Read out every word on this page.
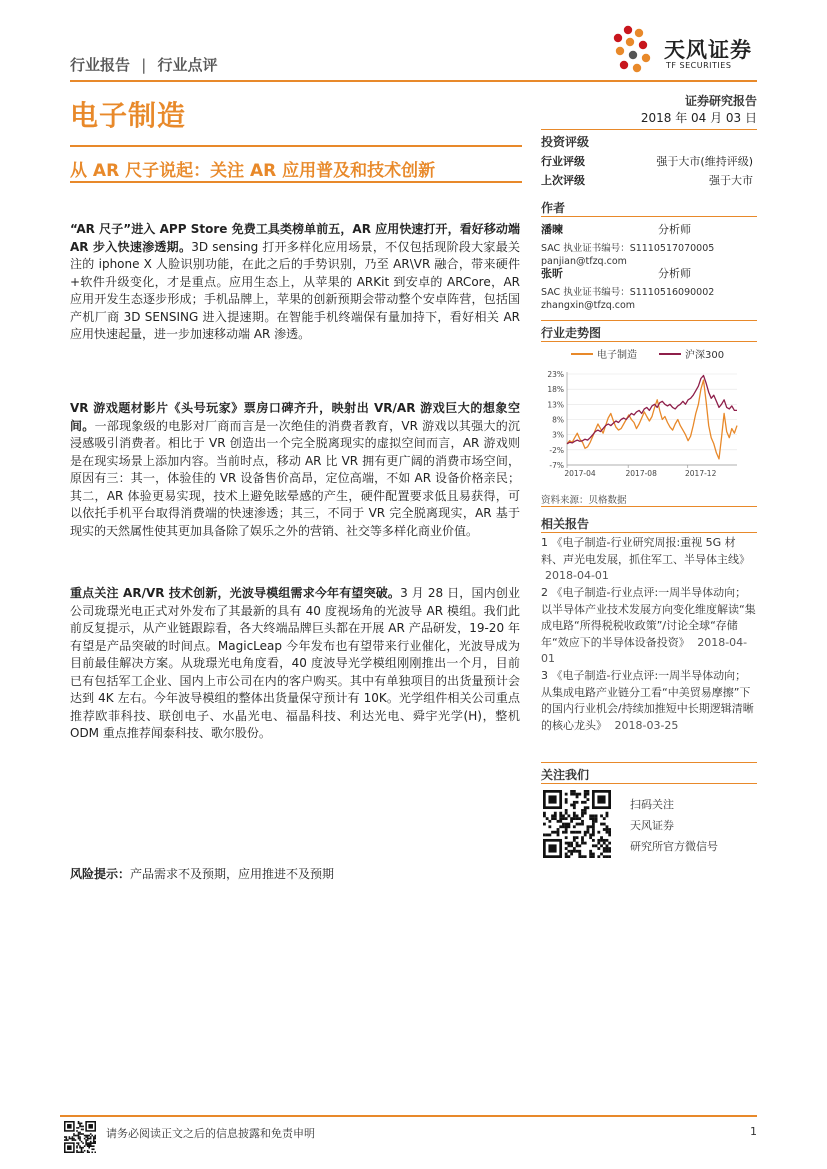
行业报告 | 行业点评
天风证券
TF SECURITIES
电子制造	证券研究报告
2018 年 04 月 03 日
从 AR 尺子说起：关注 AR 应用普及和技术创新
投资评级
行业评级	强于大市(维持评级)
上次评级	强于大市
作者
潘暕	分析师
SAC 执业证书编号：S1110517070005
panjian@tfzq.com
张昕	分析师
SAC 执业证书编号：S1110516090002
zhangxin@tfzq.com
行业走势图
电子制造	沪深300
23%
18%
13%
8%
3%
-2%
-7%
2017-04	2017-08	2017-12
资料来源：贝格数据
相关报告
1 《电子制造-行业研究周报:重视 5G 材料、声光电发展，抓住军工、半导体主线》 2018-04-01
2 《电子制造-行业点评:一周半导体动向；以半导体产业技术发展方向变化维度解读“集成电路“所得税税收政策”/讨论全球“存储年“效应下的半导体设备投资》 2018-04-01
3 《电子制造-行业点评:一周半导体动向；从集成电路产业链分工看“中美贸易摩擦”下的国内行业机会/持续加推短中长期逻辑清晰的核心龙头》 2018-03-25
关注我们
扫码关注
天风证券
研究所官方微信号
“AR 尺子”进入 APP Store 免费工具类榜单前五，AR 应用快速打开，看好移动端 AR 步入快速渗透期。3D sensing 打开多样化应用场景，不仅包括现阶段大家最关注的 iphone X 人脸识别功能，在此之后的手势识别，乃至 AR\VR 融合，带来硬件+软件升级变化，才是重点。应用生态上，从苹果的 ARKit 到安卓的 ARCore，AR 应用开发生态逐步形成；手机品牌上，苹果的创新预期会带动整个安卓阵营，包括国产机厂商 3D SENSING 进入提速期。在智能手机终端保有量加持下，看好相关 AR 应用快速起量，进一步加速移动端 AR 渗透。
VR 游戏题材影片《头号玩家》票房口碑齐升，映射出 VR/AR 游戏巨大的想象空间。一部现象级的电影对厂商而言是一次绝佳的消费者教育，VR 游戏以其强大的沉浸感吸引消费者。相比于 VR 创造出一个完全脱离现实的虚拟空间而言，AR 游戏则是在现实场景上添加内容。当前时点，移动 AR 比 VR 拥有更广阔的消费市场空间，原因有三：其一，体验佳的 VR 设备售价高昂，定位高端，不如 AR 设备价格亲民；其二，AR 体验更易实现，技术上避免眩晕感的产生，硬件配置要求低且易获得，可以依托手机平台取得消费端的快速渗透；其三，不同于 VR 完全脱离现实，AR 基于现实的天然属性使其更加具备除了娱乐之外的营销、社交等多样化商业价值。
重点关注 AR/VR 技术创新，光波导模组需求今年有望突破。3 月 28 日，国内创业公司珑璟光电正式对外发布了其最新的具有 40 度视场角的光波导 AR 模组。我们此前反复提示，从产业链跟踪看，各大终端品牌巨头都在开展 AR 产品研发，19-20 年有望是产品突破的时间点。MagicLeap 今年发布也有望带来行业催化，光波导成为目前最佳解决方案。从珑璟光电角度看，40 度波导光学模组刚刚推出一个月，目前已有包括军工企业、国内上市公司在内的客户购买。其中有单独项目的出货量预计会达到 4K 左右。今年波导模组的整体出货量保守预计有 10K。光学组件相关公司重点推荐欧菲科技、联创电子、水晶光电、福晶科技、利达光电、舜宇光学(H)，整机 ODM 重点推荐闻泰科技、歌尔股份。
风险提示：产品需求不及预期，应用推进不及预期
请务必阅读正文之后的信息披露和免责申明	1
